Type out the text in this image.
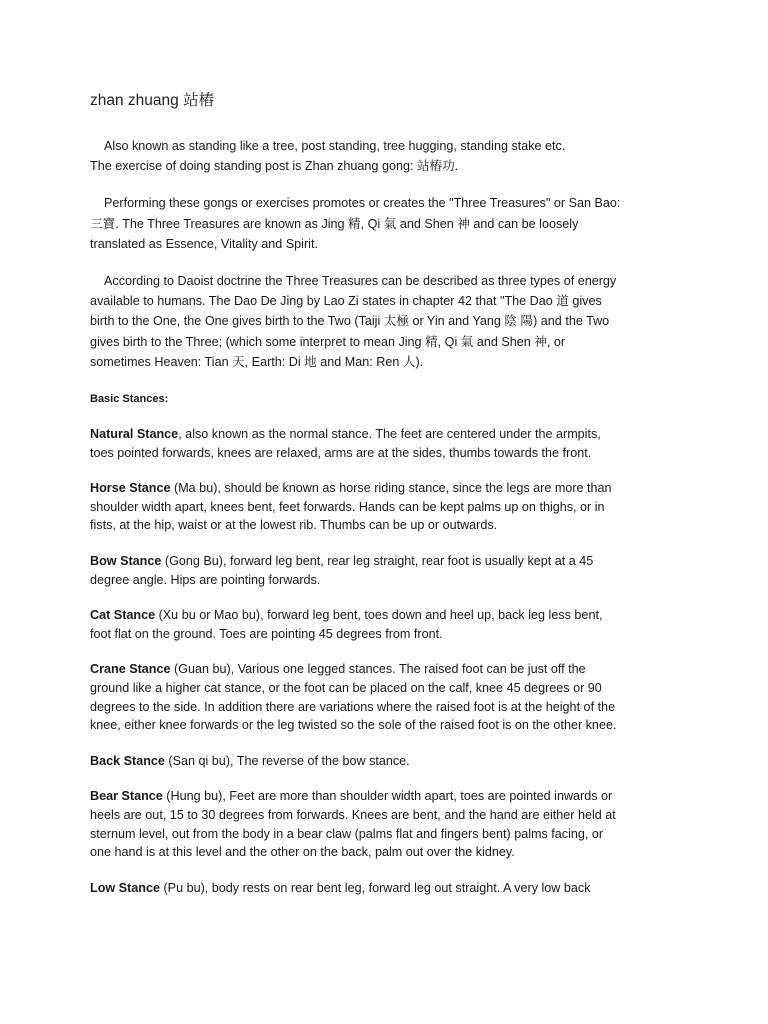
zhan zhuang 站樁

Also known as standing like a tree, post standing, tree hugging, standing stake etc.
The exercise of doing standing post is Zhan zhuang gong: 站樁功.

Performing these gongs or exercises promotes or creates the "Three Treasures" or San Bao:
三寶. The Three Treasures are known as Jing 精, Qi 氣 and Shen 神 and can be loosely
translated as Essence, Vitality and Spirit.

According to Daoist doctrine the Three Treasures can be described as three types of energy
available to humans. The Dao De Jing by Lao Zi states in chapter 42 that "The Dao 道 gives
birth to the One, the One gives birth to the Two (Taiji 太極 or Yin and Yang 陰 陽) and the Two
gives birth to the Three; (which some interpret to mean Jing 精, Qi 氣 and Shen 神, or
sometimes Heaven: Tian 天, Earth: Di 地 and Man: Ren 人).

Basic Stances:

Natural Stance, also known as the normal stance. The feet are centered under the armpits,
toes pointed forwards, knees are relaxed, arms are at the sides, thumbs towards the front.

Horse Stance (Ma bu), should be known as horse riding stance, since the legs are more than
shoulder width apart, knees bent, feet forwards. Hands can be kept palms up on thighs, or in
fists, at the hip, waist or at the lowest rib. Thumbs can be up or outwards.

Bow Stance (Gong Bu), forward leg bent, rear leg straight, rear foot is usually kept at a 45
degree angle. Hips are pointing forwards.

Cat Stance (Xu bu or Mao bu), forward leg bent, toes down and heel up, back leg less bent,
foot flat on the ground. Toes are pointing 45 degrees from front.

Crane Stance (Guan bu), Various one legged stances. The raised foot can be just off the
ground like a higher cat stance, or the foot can be placed on the calf, knee 45 degrees or 90
degrees to the side. In addition there are variations where the raised foot is at the height of the
knee, either knee forwards or the leg twisted so the sole of the raised foot is on the other knee.

Back Stance (San qi bu), The reverse of the bow stance.

Bear Stance (Hung bu), Feet are more than shoulder width apart, toes are pointed inwards or
heels are out, 15 to 30 degrees from forwards. Knees are bent, and the hand are either held at
sternum level, out from the body in a bear claw (palms flat and fingers bent) palms facing, or
one hand is at this level and the other on the back, palm out over the kidney.

Low Stance (Pu bu), body rests on rear bent leg, forward leg out straight. A very low back
